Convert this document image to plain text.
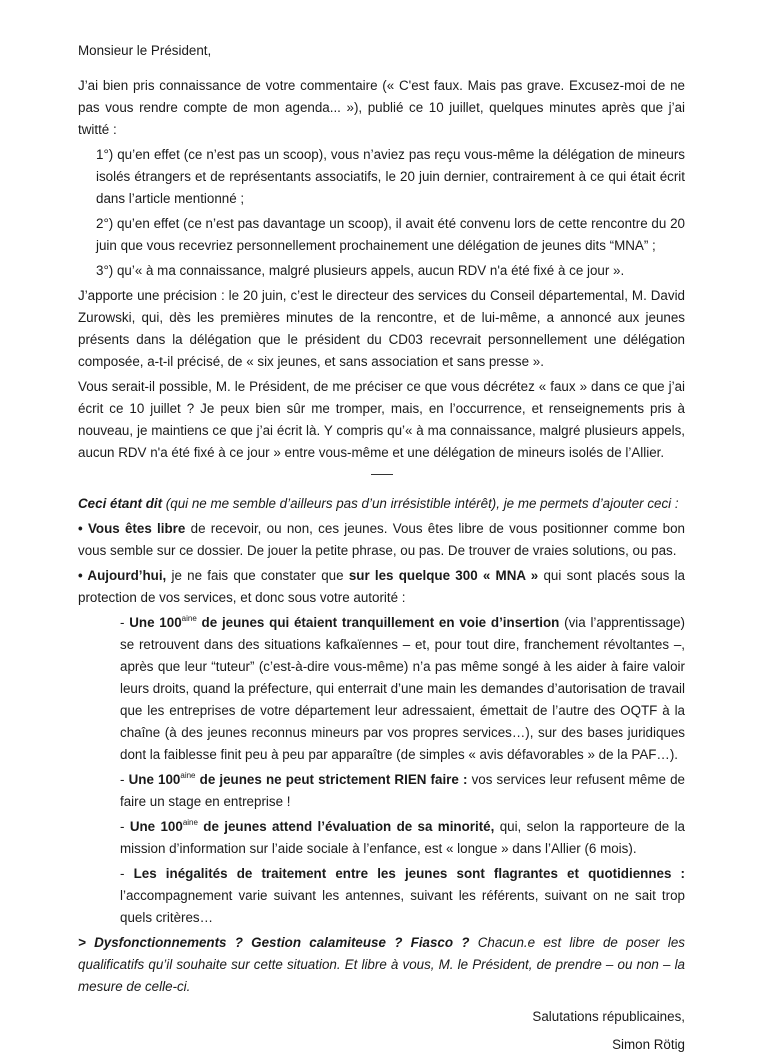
Monsieur le Président,

J’ai bien pris connaissance de votre commentaire (« C'est faux. Mais pas grave. Excusez-moi de ne pas vous rendre compte de mon agenda... »), publié ce 10 juillet, quelques minutes après que j’ai twitté :

1°) qu’en effet (ce n’est pas un scoop), vous n’aviez pas reçu vous-même la délégation de mineurs isolés étrangers et de représentants associatifs, le 20 juin dernier, contrairement à ce qui était écrit dans l’article mentionné ;

2°) qu’en effet (ce n’est pas davantage un scoop), il avait été convenu lors de cette rencontre du 20 juin que vous recevriez personnellement prochainement une délégation de jeunes dits “MNA” ;

3°) qu’« à ma connaissance, malgré plusieurs appels, aucun RDV n'a été fixé à ce jour ».

J’apporte une précision : le 20 juin, c’est le directeur des services du Conseil départemental, M. David Zurowski, qui, dès les premières minutes de la rencontre, et de lui-même, a annoncé aux jeunes présents dans la délégation que le président du CD03 recevrait personnellement une délégation composée, a-t-il précisé, de « six jeunes, et sans association et sans presse ».

Vous serait-il possible, M. le Président, de me préciser ce que vous décrétez « faux » dans ce que j’ai écrit ce 10 juillet ? Je peux bien sûr me tromper, mais, en l’occurrence, et renseignements pris à nouveau, je maintiens ce que j’ai écrit là. Y compris qu’« à ma connaissance, malgré plusieurs appels, aucun RDV n'a été fixé à ce jour » entre vous-même et une délégation de mineurs isolés de l’Allier.

Ceci étant dit (qui ne me semble d’ailleurs pas d’un irrésistible intérêt), je me permets d’ajouter ceci :

• Vous êtes libre de recevoir, ou non, ces jeunes. Vous êtes libre de vous positionner comme bon vous semble sur ce dossier. De jouer la petite phrase, ou pas. De trouver de vraies solutions, ou pas.

• Aujourd’hui, je ne fais que constater que sur les quelque 300 « MNA » qui sont placés sous la protection de vos services, et donc sous votre autorité :

- Une $100^{aine}$ de jeunes qui étaient tranquillement en voie d’insertion (via l’apprentissage) se retrouvent dans des situations kafkaïennes – et, pour tout dire, franchement révoltantes –, après que leur “tuteur” (c’est-à-dire vous-même) n’a pas même songé à les aider à faire valoir leurs droits, quand la préfecture, qui enterrait d’une main les demandes d’autorisation de travail que les entreprises de votre département leur adressaient, émettait de l’autre des OQTF à la chaîne (à des jeunes reconnus mineurs par vos propres services…), sur des bases juridiques dont la faiblesse finit peu à peu par apparaître (de simples « avis défavorables » de la PAF…).

- Une $100^{aine}$ de jeunes ne peut strictement RIEN faire : vos services leur refusent même de faire un stage en entreprise !

- Une $100^{aine}$ de jeunes attend l’évaluation de sa minorité, qui, selon la rapporteure de la mission d’information sur l’aide sociale à l’enfance, est « longue » dans l’Allier (6 mois).

- Les inégalités de traitement entre les jeunes sont flagrantes et quotidiennes : l’accompagnement varie suivant les antennes, suivant les référents, suivant on ne sait trop quels critères…

> Dysfonctionnements ? Gestion calamiteuse ? Fiasco ? Chacun.e est libre de poser les qualificatifs qu’il souhaite sur cette situation. Et libre à vous, M. le Président, de prendre – ou non – la mesure de celle-ci.

Salutations républicaines,

Simon Rötig
